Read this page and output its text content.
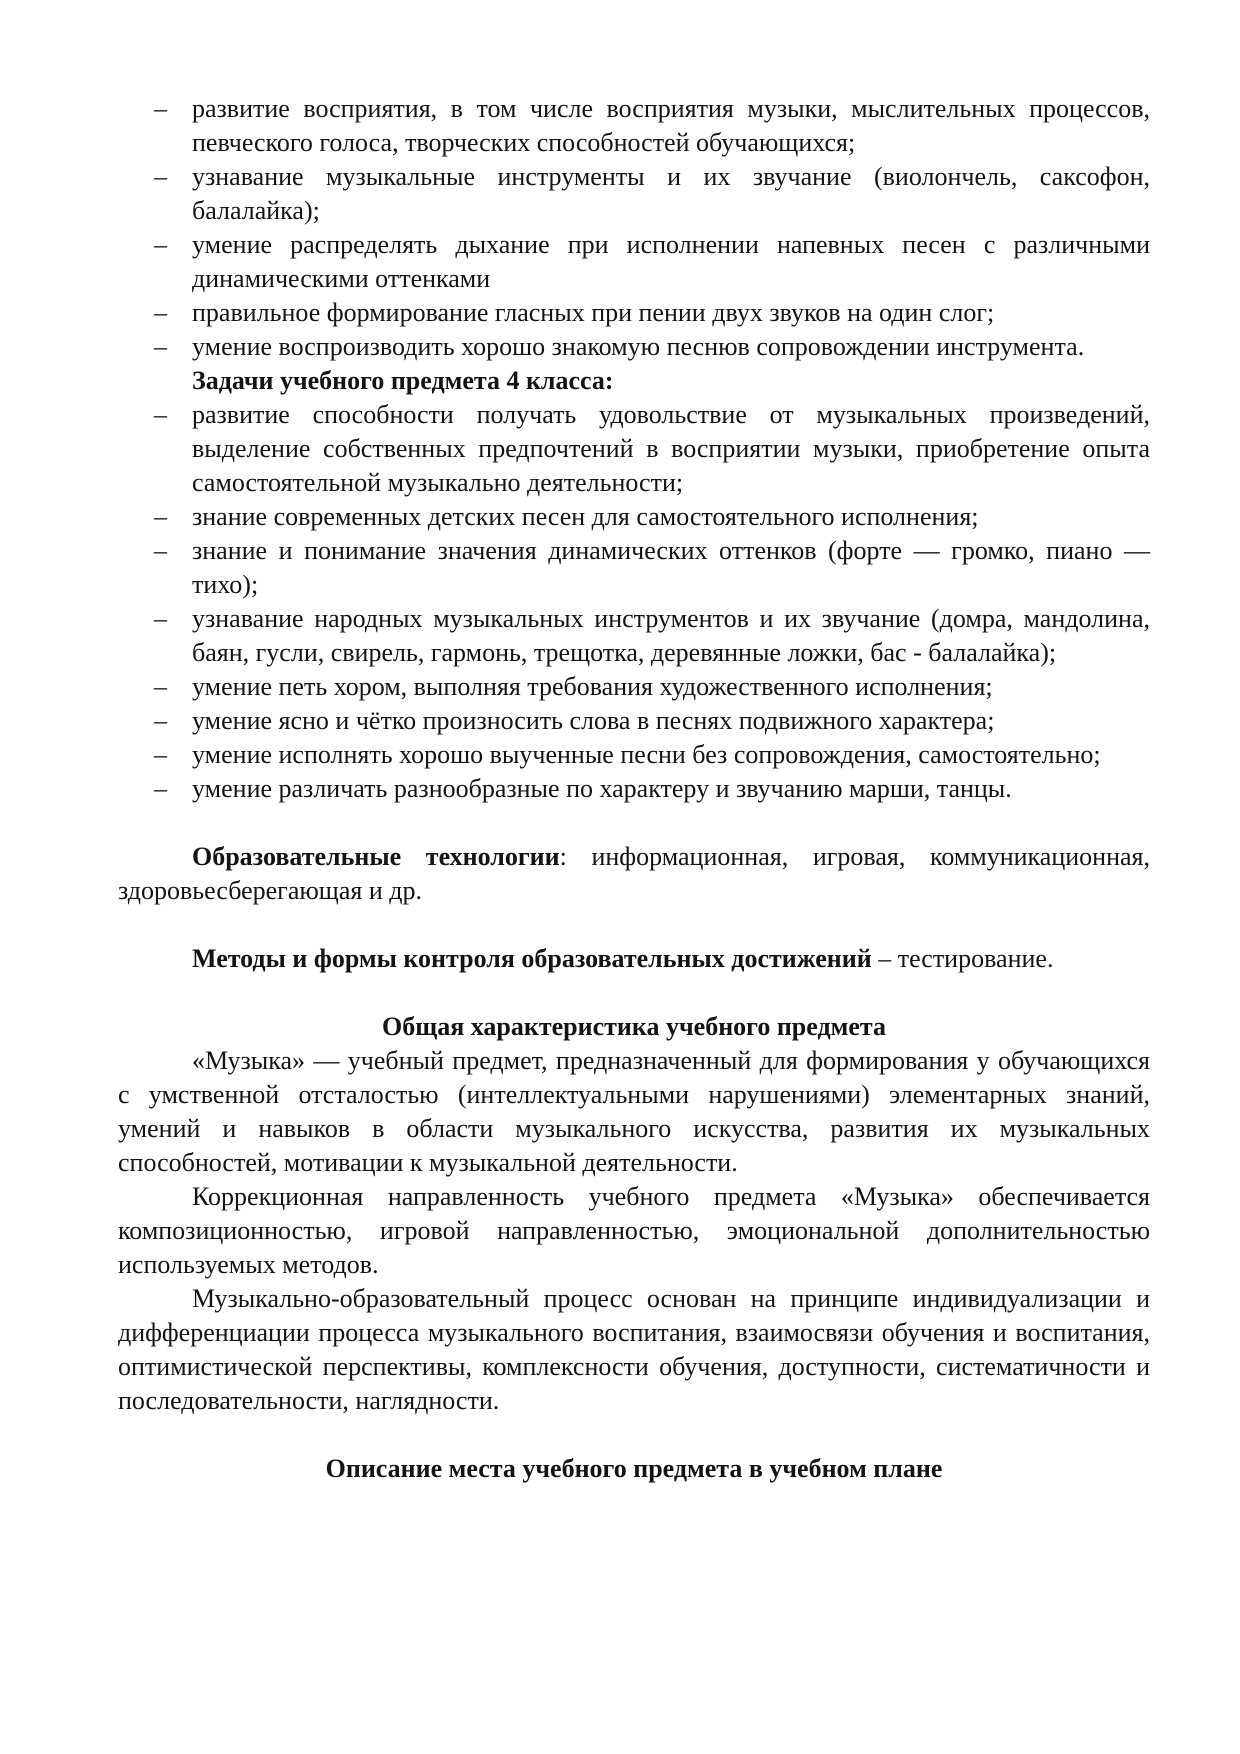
– развитие восприятия, в том числе восприятия музыки, мыслительных процессов, певческого голоса, творческих способностей обучающихся;
– узнавание музыкальные инструменты и их звучание (виолончель, саксофон, балалайка);
– умение распределять дыхание при исполнении напевных песен с различными динамическими оттенками
– правильное формирование гласных при пении двух звуков на один слог;
– умение воспроизводить хорошо знакомую песнюв сопровождении инструмента.
Задачи учебного предмета 4 класса:
– развитие способности получать удовольствие от музыкальных произведений, выделение собственных предпочтений в восприятии музыки, приобретение опыта самостоятельной музыкально деятельности;
– знание современных детских песен для самостоятельного исполнения;
– знание и понимание значения динамических оттенков (форте — громко, пиано — тихо);
– узнавание народных музыкальных инструментов и их звучание (домра, мандолина, баян, гусли, свирель, гармонь, трещотка, деревянные ложки, бас - балалайка);
– умение петь хором, выполняя требования художественного исполнения;
– умение ясно и чётко произносить слова в песнях подвижного характера;
– умение исполнять хорошо выученные песни без сопровождения, самостоятельно;
– умение различать разнообразные по характеру и звучанию марши, танцы.

Образовательные технологии: информационная, игровая, коммуникационная, здоровьесберегающая и др.

Методы и формы контроля образовательных достижений – тестирование.

Общая характеристика учебного предмета

«Музыка» — учебный предмет, предназначенный для формирования у обучающихся с умственной отсталостью (интеллектуальными нарушениями) элементарных знаний, умений и навыков в области музыкального искусства, развития их музыкальных способностей, мотивации к музыкальной деятельности.

Коррекционная направленность учебного предмета «Музыка» обеспечивается композиционностью, игровой направленностью, эмоциональной дополнительностью используемых методов.

Музыкально-образовательный процесс основан на принципе индивидуализации и дифференциации процесса музыкального воспитания, взаимосвязи обучения и воспитания, оптимистической перспективы, комплексности обучения, доступности, систематичности и последовательности, наглядности.

Описание места учебного предмета в учебном плане
